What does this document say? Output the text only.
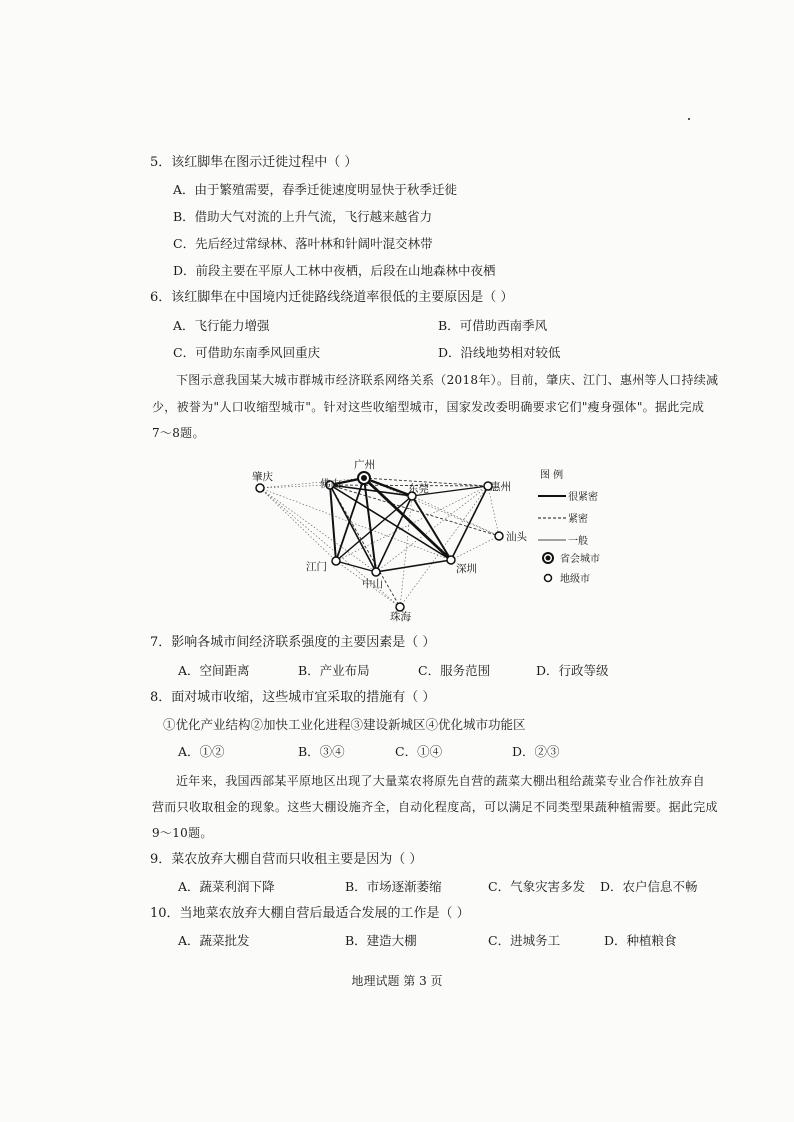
5．该红脚隼在图示迁徙过程中（ ）
A．由于繁殖需要，春季迁徙速度明显快于秋季迁徙
B．借助大气对流的上升气流，飞行越来越省力
C．先后经过常绿林、落叶林和针阔叶混交林带
D．前段主要在平原人工林中夜栖，后段在山地森林中夜栖
6．该红脚隼在中国境内迁徙路线绕道率很低的主要原因是（ ）
A．飞行能力增强	B．可借助西南季风
C．可借助东南季风回重庆	D．沿线地势相对较低
下图示意我国某大城市群城市经济联系网络关系（2018年）。目前，肇庆、江门、惠州等人口持续减
少，被誉为"人口收缩型城市"。针对这些收缩型城市，国家发改委明确要求它们"瘦身强体"。据此完成
7～8题。
肇庆
佛山
广州
东莞	惠州
汕头
江门
中山
深圳
珠海
图 例
很紧密
紧密
一般
省会城市
地级市
7．影响各城市间经济联系强度的主要因素是（ ）
A．空间距离	B．产业布局	C．服务范围	D．行政等级
8．面对城市收缩，这些城市宜采取的措施有（ ）
①优化产业结构②加快工业化进程③建设新城区④优化城市功能区
A．①②	B．③④	C．①④	D．②③
近年来，我国西部某平原地区出现了大量菜农将原先自营的蔬菜大棚出租给蔬菜专业合作社放弃自
营而只收取租金的现象。这些大棚设施齐全，自动化程度高，可以满足不同类型果蔬种植需要。据此完成
9～10题。
9．菜农放弃大棚自营而只收租主要是因为（ ）
A．蔬菜利润下降	B．市场逐渐萎缩	C．气象灾害多发 D．农户信息不畅
10．当地菜农放弃大棚自营后最适合发展的工作是（ ）
A．蔬菜批发	B．建造大棚	C．进城务工	D．种植粮食
地理试题 第 3 页
